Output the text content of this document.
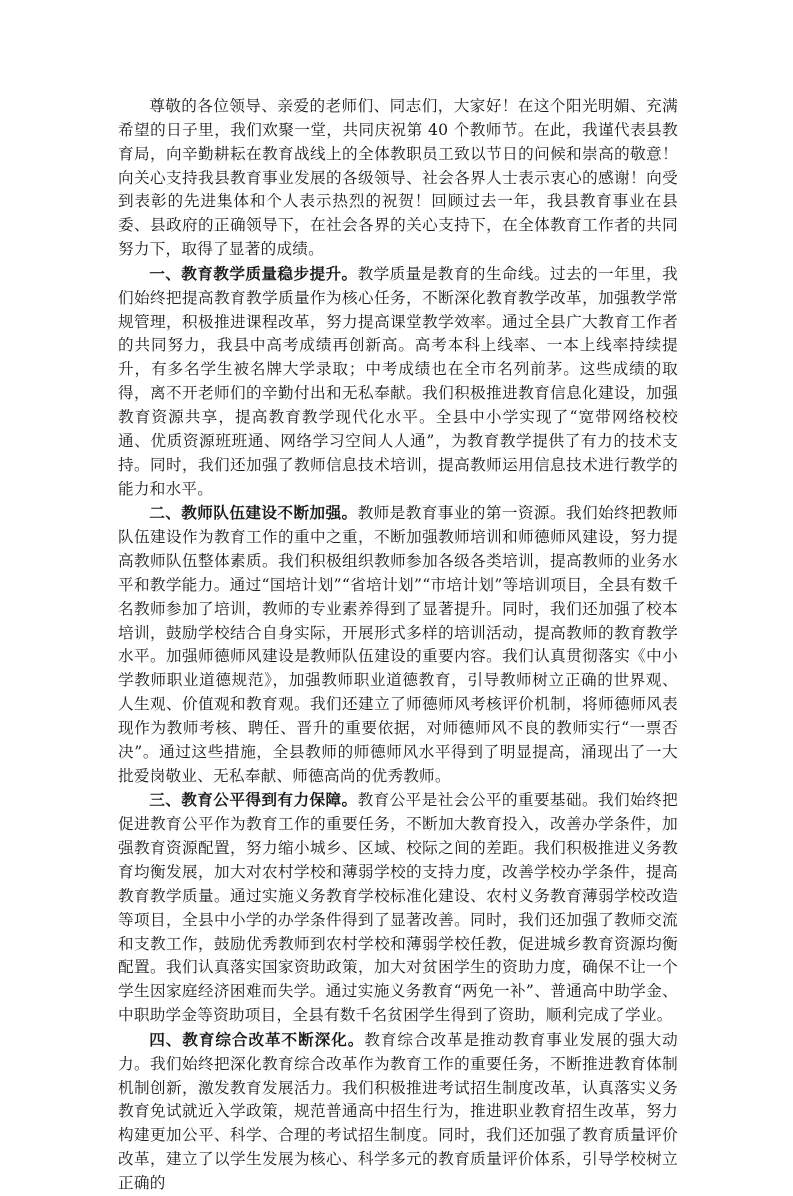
尊敬的各位领导、亲爱的老师们、同志们，大家好！在这个阳光明媚、充满希望的日子里，我们欢聚一堂，共同庆祝第 40 个教师节。在此，我谨代表县教育局，向辛勤耕耘在教育战线上的全体教职员工致以节日的问候和崇高的敬意！向关心支持我县教育事业发展的各级领导、社会各界人士表示衷心的感谢！向受到表彰的先进集体和个人表示热烈的祝贺！回顾过去一年，我县教育事业在县委、县政府的正确领导下，在社会各界的关心支持下，在全体教育工作者的共同努力下，取得了显著的成绩。

一、教育教学质量稳步提升。教学质量是教育的生命线。过去的一年里，我们始终把提高教育教学质量作为核心任务，不断深化教育教学改革，加强教学常规管理，积极推进课程改革，努力提高课堂教学效率。通过全县广大教育工作者的共同努力，我县中高考成绩再创新高。高考本科上线率、一本上线率持续提升，有多名学生被名牌大学录取；中考成绩也在全市名列前茅。这些成绩的取得，离不开老师们的辛勤付出和无私奉献。我们积极推进教育信息化建设，加强教育资源共享，提高教育教学现代化水平。全县中小学实现了“宽带网络校校通、优质资源班班通、网络学习空间人人通”，为教育教学提供了有力的技术支持。同时，我们还加强了教师信息技术培训，提高教师运用信息技术进行教学的能力和水平。

二、教师队伍建设不断加强。教师是教育事业的第一资源。我们始终把教师队伍建设作为教育工作的重中之重，不断加强教师培训和师德师风建设，努力提高教师队伍整体素质。我们积极组织教师参加各级各类培训，提高教师的业务水平和教学能力。通过“国培计划”“省培计划”“市培计划”等培训项目，全县有数千名教师参加了培训，教师的专业素养得到了显著提升。同时，我们还加强了校本培训，鼓励学校结合自身实际，开展形式多样的培训活动，提高教师的教育教学水平。加强师德师风建设是教师队伍建设的重要内容。我们认真贯彻落实《中小学教师职业道德规范》，加强教师职业道德教育，引导教师树立正确的世界观、人生观、价值观和教育观。我们还建立了师德师风考核评价机制，将师德师风表现作为教师考核、聘任、晋升的重要依据，对师德师风不良的教师实行“一票否决”。通过这些措施，全县教师的师德师风水平得到了明显提高，涌现出了一大批爱岗敬业、无私奉献、师德高尚的优秀教师。

三、教育公平得到有力保障。教育公平是社会公平的重要基础。我们始终把促进教育公平作为教育工作的重要任务，不断加大教育投入，改善办学条件，加强教育资源配置，努力缩小城乡、区域、校际之间的差距。我们积极推进义务教育均衡发展，加大对农村学校和薄弱学校的支持力度，改善学校办学条件，提高教育教学质量。通过实施义务教育学校标准化建设、农村义务教育薄弱学校改造等项目，全县中小学的办学条件得到了显著改善。同时，我们还加强了教师交流和支教工作，鼓励优秀教师到农村学校和薄弱学校任教，促进城乡教育资源均衡配置。我们认真落实国家资助政策，加大对贫困学生的资助力度，确保不让一个学生因家庭经济困难而失学。通过实施义务教育“两免一补”、普通高中助学金、中职助学金等资助项目，全县有数千名贫困学生得到了资助，顺利完成了学业。

四、教育综合改革不断深化。教育综合改革是推动教育事业发展的强大动力。我们始终把深化教育综合改革作为教育工作的重要任务，不断推进教育体制机制创新，激发教育发展活力。我们积极推进考试招生制度改革，认真落实义务教育免试就近入学政策，规范普通高中招生行为，推进职业教育招生改革，努力构建更加公平、科学、合理的考试招生制度。同时，我们还加强了教育质量评价改革，建立了以学生发展为核心、科学多元的教育质量评价体系，引导学校树立正确的
